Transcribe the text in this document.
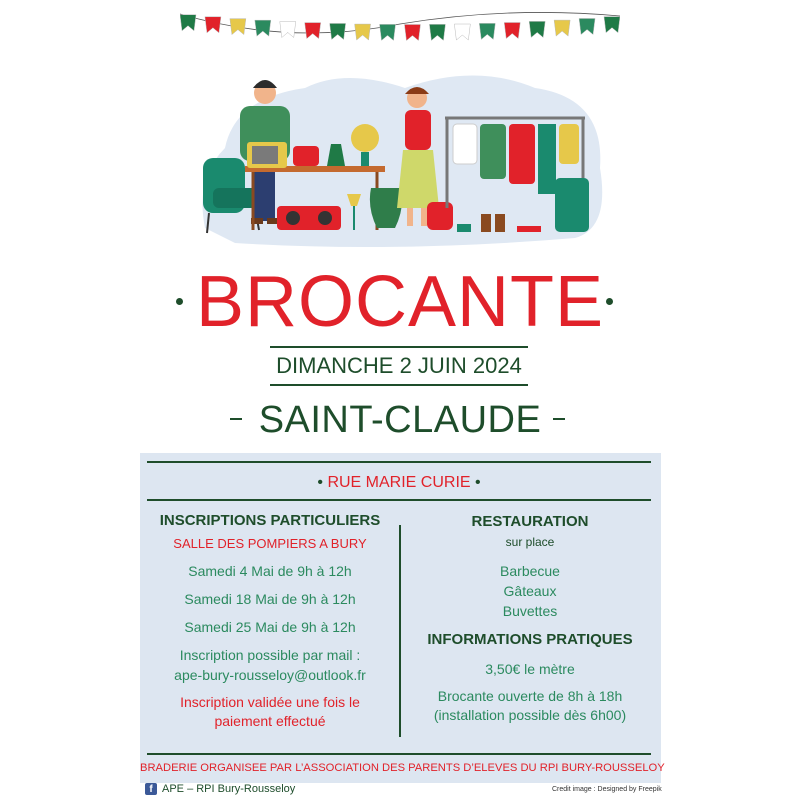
BROCANTE
DIMANCHE 2 JUIN 2024
SAINT-CLAUDE
• RUE MARIE CURIE •
INSCRIPTIONS PARTICULIERS
SALLE DES POMPIERS A BURY
Samedi 4 Mai de 9h à 12h
Samedi 18 Mai de 9h à 12h
Samedi 25 Mai de 9h à 12h
Inscription possible par mail :
ape-bury-rousseloy@outlook.fr
Inscription validée une fois le
paiement effectué
RESTAURATION
sur place
Barbecue
Gâteaux
Buvettes
INFORMATIONS PRATIQUES
3,50€ le mètre
Brocante ouverte de 8h à 18h
(installation possible dès 6h00)
BRADERIE ORGANISEE PAR L’ASSOCIATION DES PARENTS D’ELEVES DU RPI BURY-ROUSSELOY
f APE – RPI Bury-Rousseloy	Credit image : Designed by Freepik
